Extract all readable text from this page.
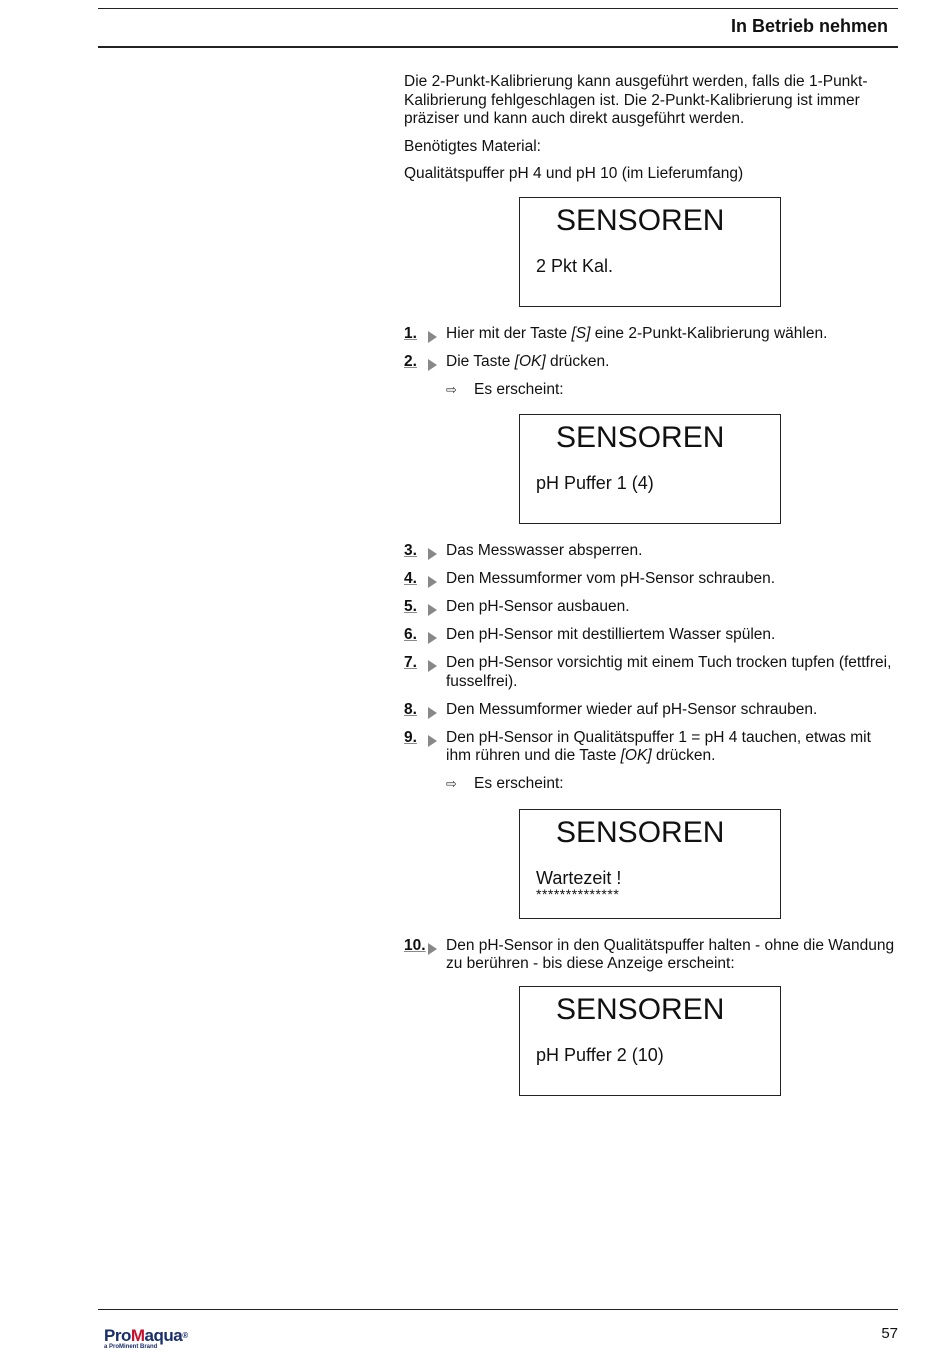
In Betrieb nehmen

Die 2-Punkt-Kalibrierung kann ausgeführt werden, falls die 1-Punkt-Kalibrierung fehlgeschlagen ist. Die 2-Punkt-Kalibrierung ist immer präziser und kann auch direkt ausgeführt werden.

Benötigtes Material:

Qualitätspuffer pH 4 und pH 10 (im Lieferumfang)

SENSOREN
2 Pkt Kal.
1. Hier mit der Taste [S] eine 2-Punkt-Kalibrierung wählen.
2. Die Taste [OK] drücken.
⇨ Es erscheint:
SENSOREN
pH Puffer 1 (4)
3. Das Messwasser absperren.
4. Den Messumformer vom pH-Sensor schrauben.
5. Den pH-Sensor ausbauen.
6. Den pH-Sensor mit destilliertem Wasser spülen.
7. Den pH-Sensor vorsichtig mit einem Tuch trocken tupfen (fettfrei, fusselfrei).
8. Den Messumformer wieder auf pH-Sensor schrauben.
9. Den pH-Sensor in Qualitätspuffer 1 = pH 4 tauchen, etwas mit ihm rühren und die Taste [OK] drücken.
⇨ Es erscheint:
SENSOREN
Wartezeit !
**************
10. Den pH-Sensor in den Qualitätspuffer halten - ohne die Wandung zu berühren - bis diese Anzeige erscheint:
SENSOREN
pH Puffer 2 (10)
ProMaqua®
a ProMinent Brand
57
